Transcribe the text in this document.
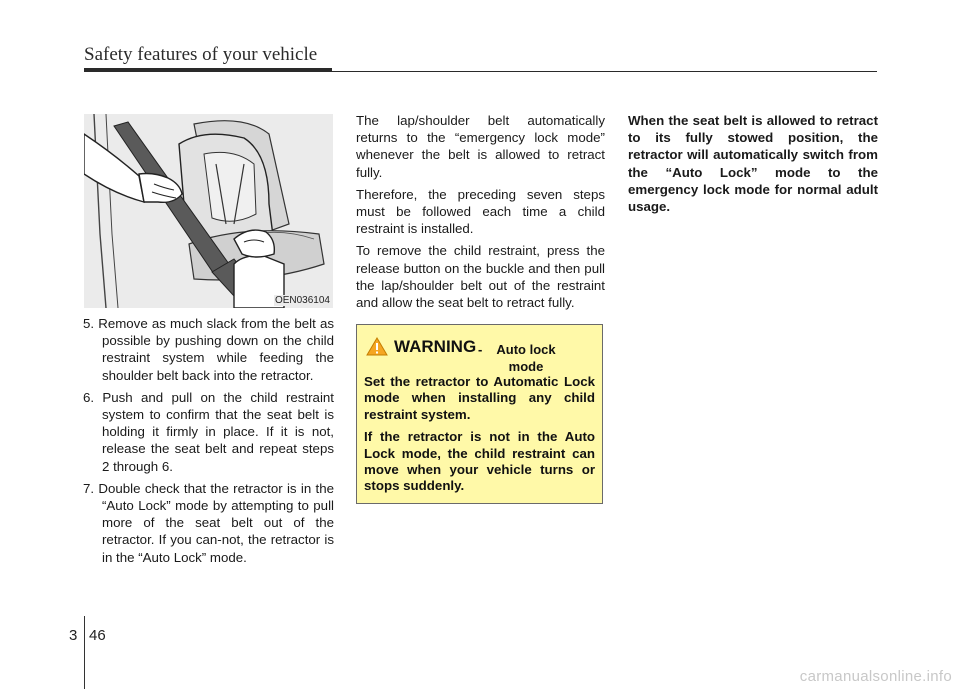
Safety features of your vehicle
OEN036104
5. Remove as much slack from the belt as possible by pushing down on the child restraint system while feeding the shoulder belt back into the retractor.
6. Push and pull on the child restraint system to confirm that the seat belt is holding it firmly in place. If it is not, release the seat belt and repeat steps 2 through 6.
7. Double check that the retractor is in the “Auto Lock” mode by attempting to pull more of the seat belt out of the retractor. If you can-not, the retractor is in the “Auto Lock” mode.

The lap/shoulder belt automatically returns to the “emergency lock mode” whenever the belt is allowed to retract fully.

Therefore, the preceding seven steps must be followed each time a child restraint is installed.

To remove the child restraint, press the release button on the buckle and then pull the lap/shoulder belt out of the restraint and allow the seat belt to retract fully.

WARNING - Auto lock
mode

Set the retractor to Automatic Lock mode when installing any child restraint system.

If the retractor is not in the Auto Lock mode, the child restraint can move when your vehicle turns or stops suddenly.

When the seat belt is allowed to retract to its fully stowed position, the retractor will automatically switch from the “Auto Lock” mode to the emergency lock mode for normal adult usage.

3 46
carmanualsonline.info
